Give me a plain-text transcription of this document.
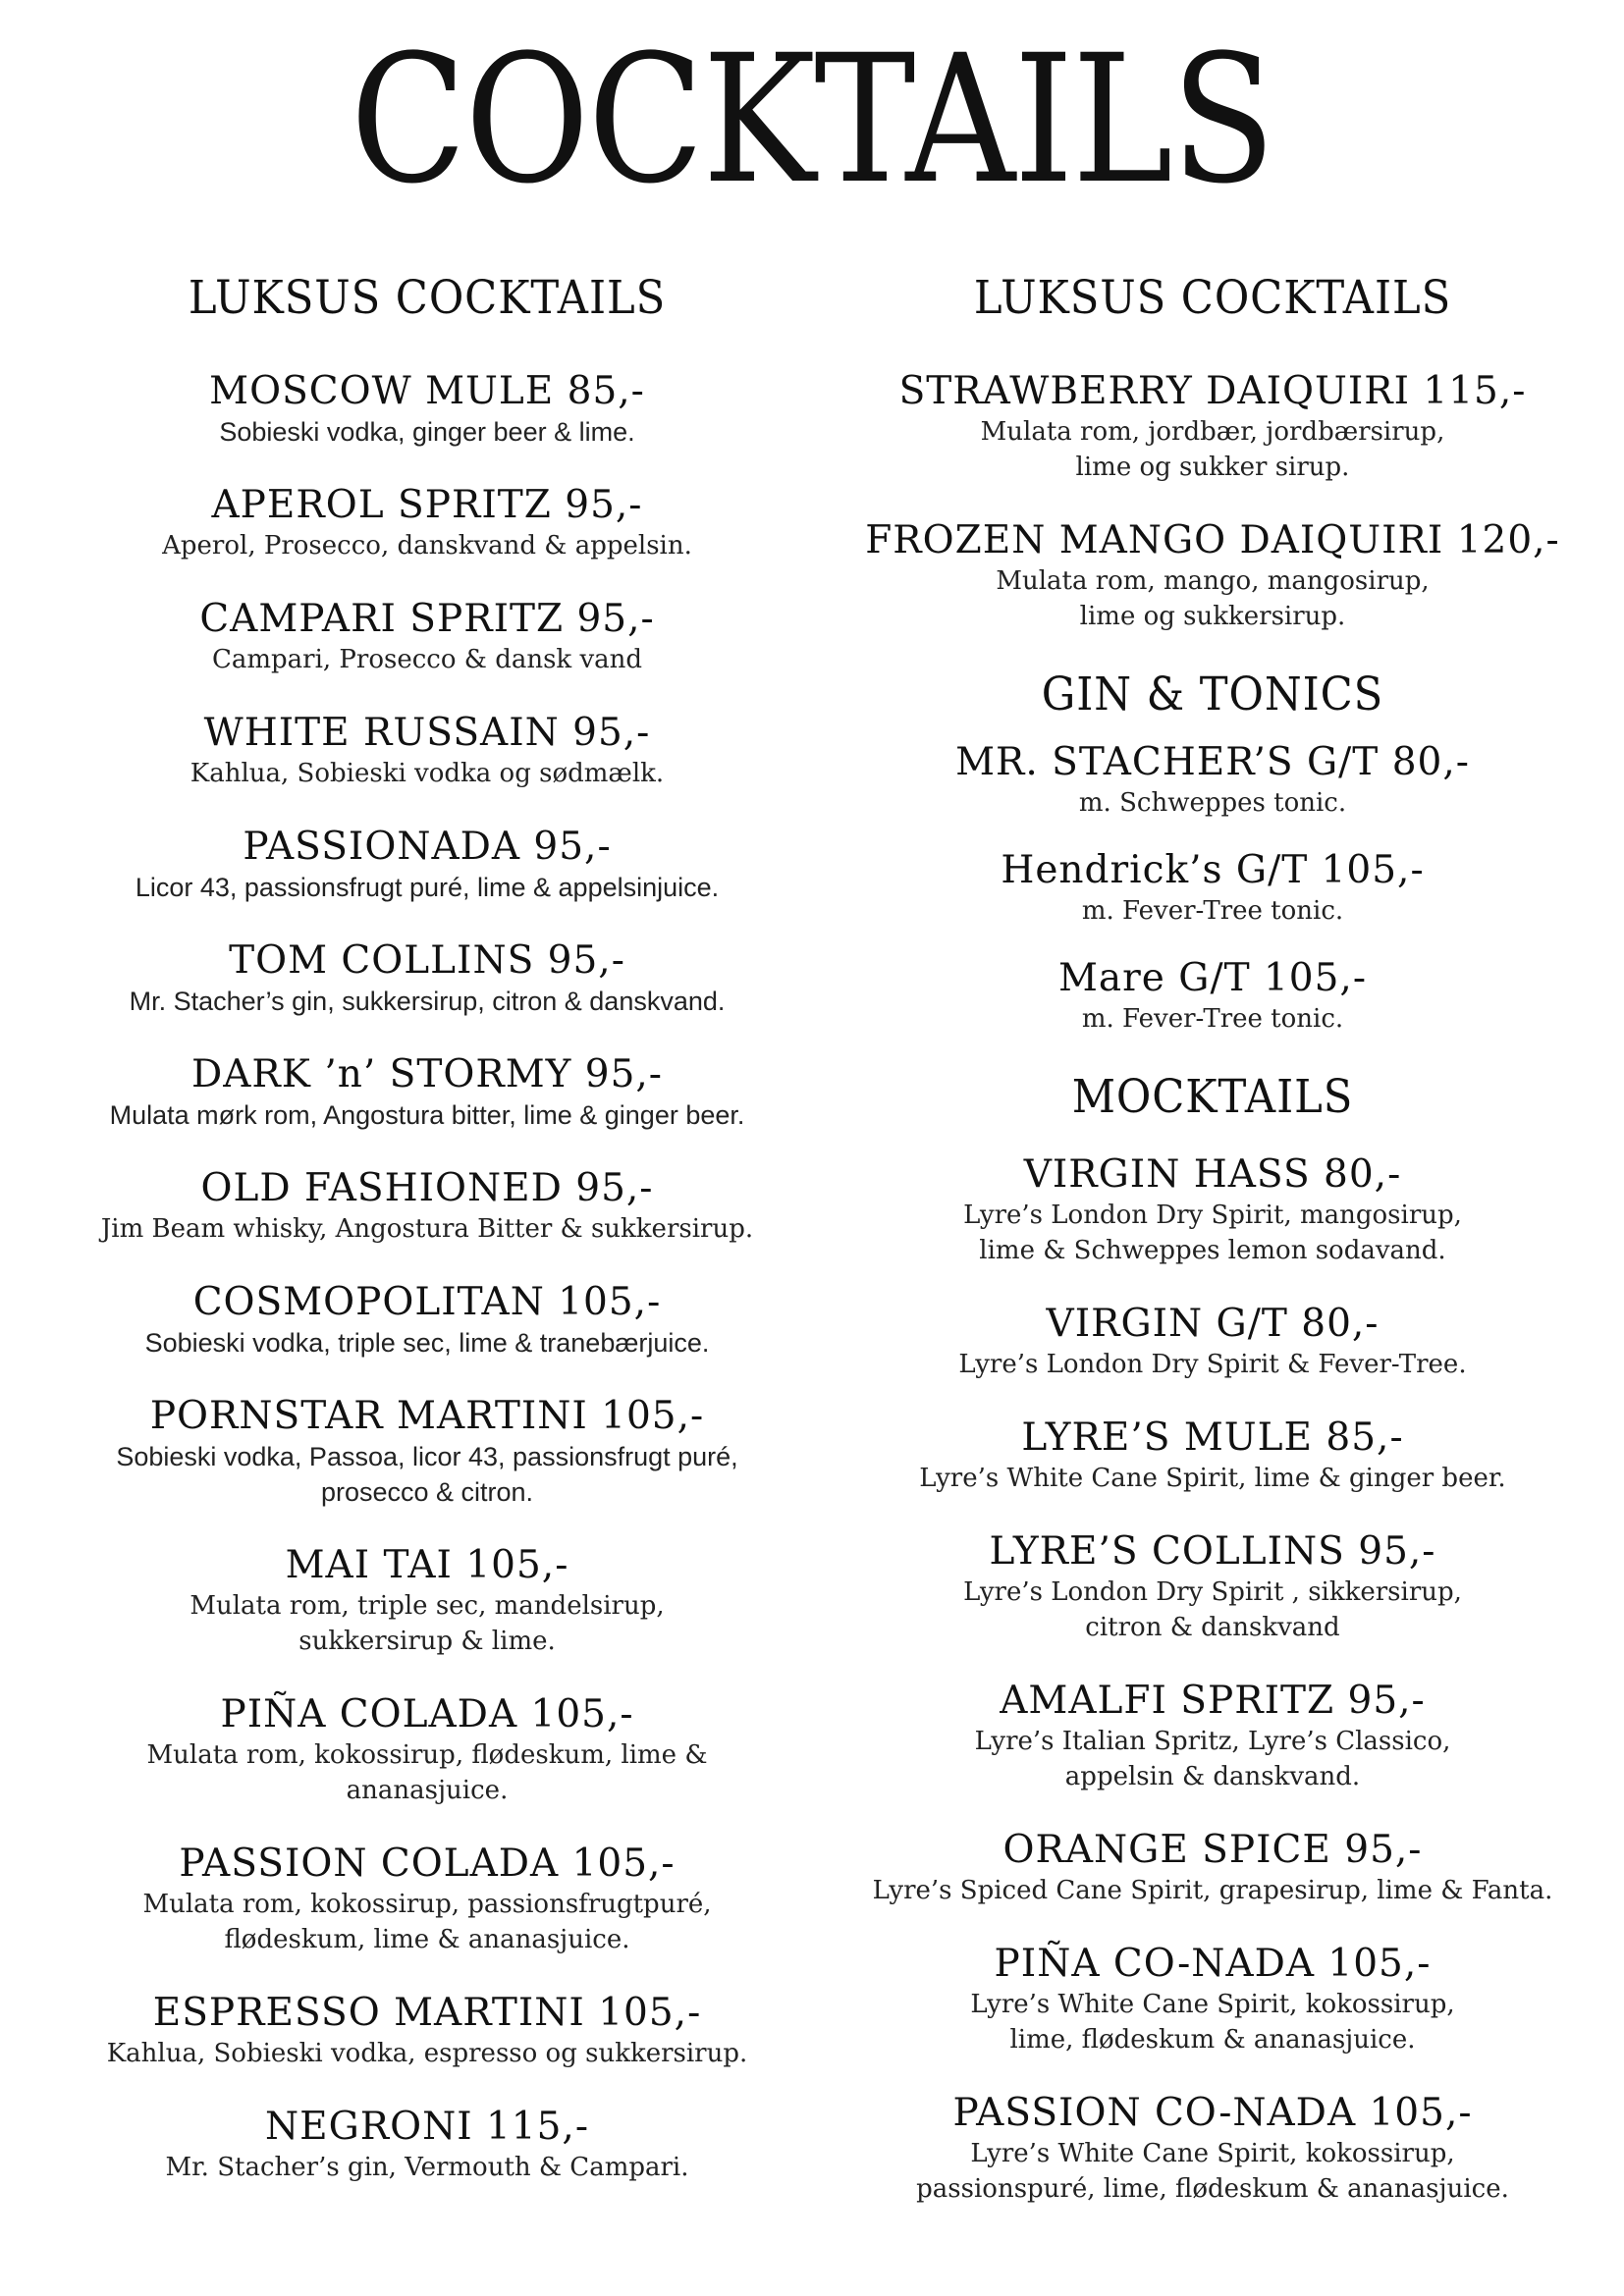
COCKTAILS
LUKSUS COCKTAILS
MOSCOW MULE 85,-
Sobieski vodka, ginger beer & lime.
APEROL SPRITZ 95,-
Aperol, Prosecco, danskvand & appelsin.
CAMPARI SPRITZ 95,-
Campari, Prosecco & dansk vand
WHITE RUSSAIN 95,-
Kahlua, Sobieski vodka og sødmælk.
PASSIONADA 95,-
Licor 43, passionsfrugt puré, lime & appelsinjuice.
TOM COLLINS 95,-
Mr. Stacher’s gin, sukkersirup, citron & danskvand.
DARK ’n’ STORMY 95,-
Mulata mørk rom, Angostura bitter, lime & ginger beer.
OLD FASHIONED 95,-
Jim Beam whisky, Angostura Bitter & sukkersirup.
COSMOPOLITAN 105,-
Sobieski vodka, triple sec, lime & tranebærjuice.
PORNSTAR MARTINI 105,-
Sobieski vodka, Passoa, licor 43, passionsfrugt puré,
prosecco & citron.
MAI TAI 105,-
Mulata rom, triple sec, mandelsirup,
sukkersirup & lime.
PIÑA COLADA 105,-
Mulata rom, kokossirup, flødeskum, lime &
ananasjuice.
PASSION COLADA 105,-
Mulata rom, kokossirup, passionsfrugtpuré,
flødeskum, lime & ananasjuice.
ESPRESSO MARTINI 105,-
Kahlua, Sobieski vodka, espresso og sukkersirup.
NEGRONI 115,-
Mr. Stacher’s gin, Vermouth & Campari.
LUKSUS COCKTAILS
STRAWBERRY DAIQUIRI 115,-
Mulata rom, jordbær, jordbærsirup,
lime og sukker sirup.
FROZEN MANGO DAIQUIRI 120,-
Mulata rom, mango, mangosirup,
lime og sukkersirup.
GIN & TONICS
MR. STACHER’S G/T 80,-
m. Schweppes tonic.
Hendrick’s G/T 105,-
m. Fever-Tree tonic.
Mare G/T 105,-
m. Fever-Tree tonic.
MOCKTAILS
VIRGIN HASS 80,-
Lyre’s London Dry Spirit, mangosirup,
lime & Schweppes lemon sodavand.
VIRGIN G/T 80,-
Lyre’s London Dry Spirit & Fever-Tree.
LYRE’S MULE 85,-
Lyre’s White Cane Spirit, lime & ginger beer.
LYRE’S COLLINS 95,-
Lyre’s London Dry Spirit , sikkersirup,
citron & danskvand
AMALFI SPRITZ 95,-
Lyre’s Italian Spritz, Lyre’s Classico,
appelsin & danskvand.
ORANGE SPICE 95,-
Lyre’s Spiced Cane Spirit, grapesirup, lime & Fanta.
PIÑA CO-NADA 105,-
Lyre’s White Cane Spirit, kokossirup,
lime, flødeskum & ananasjuice.
PASSION CO-NADA 105,-
Lyre’s White Cane Spirit, kokossirup,
passionspuré, lime, flødeskum & ananasjuice.
